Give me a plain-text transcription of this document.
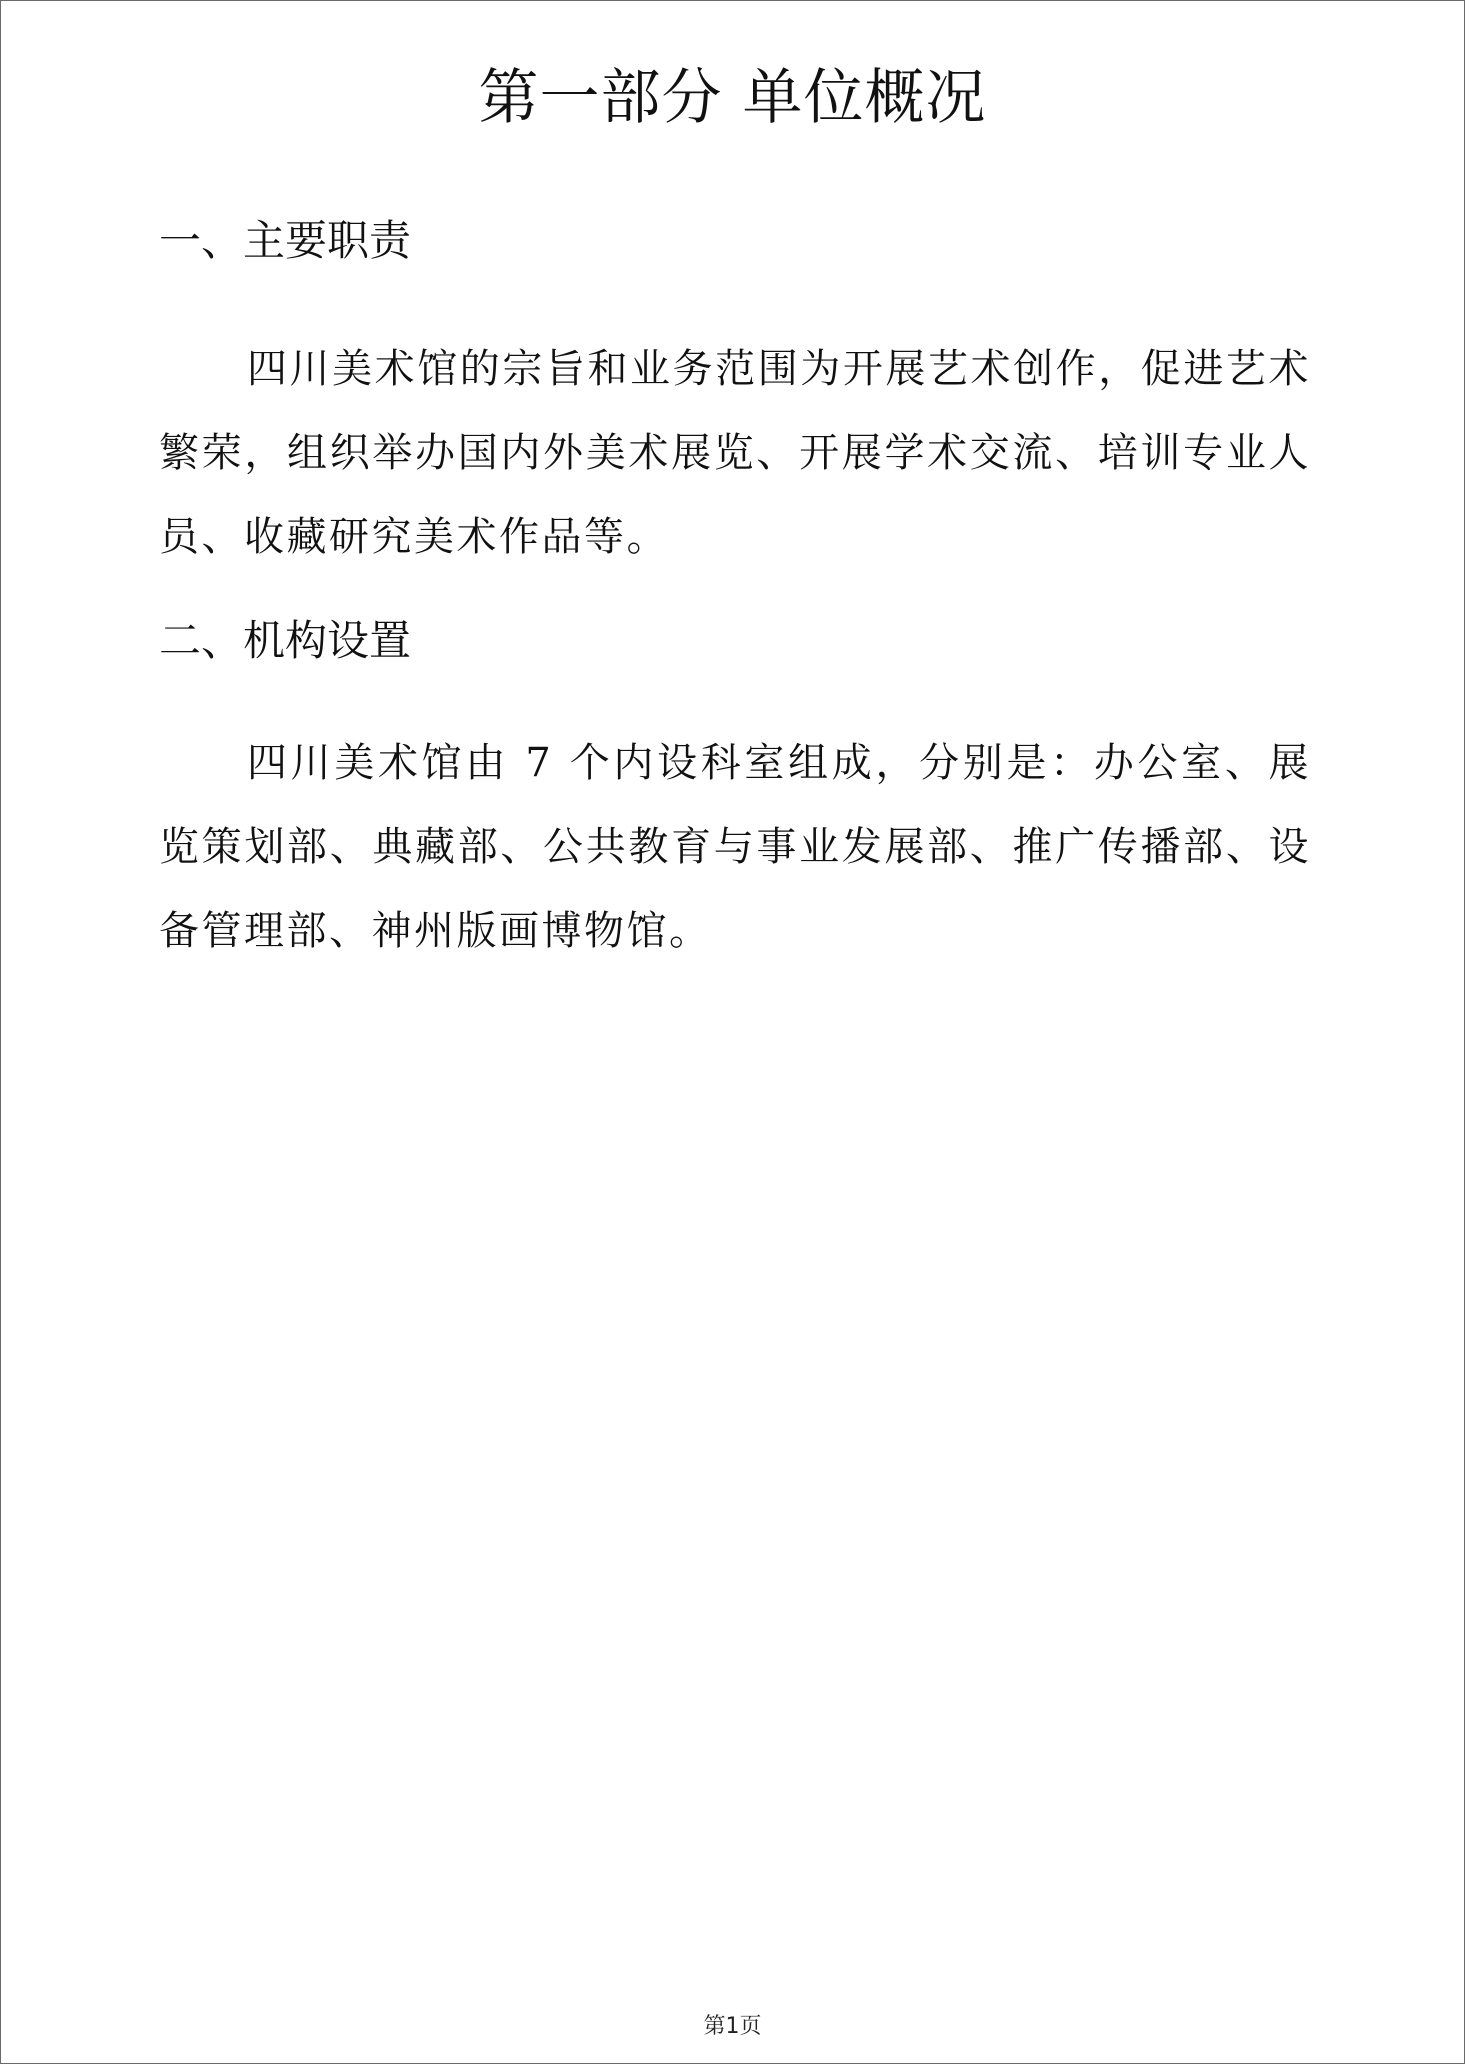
第一部分 单位概况
一、主要职责

四川美术馆的宗旨和业务范围为开展艺术创作，促进艺术繁荣，组织举办国内外美术展览、开展学术交流、培训专业人员、收藏研究美术作品等。

二、机构设置

四川美术馆由 7 个内设科室组成，分别是：办公室、展览策划部、典藏部、公共教育与事业发展部、推广传播部、设备管理部、神州版画博物馆。

第1页
